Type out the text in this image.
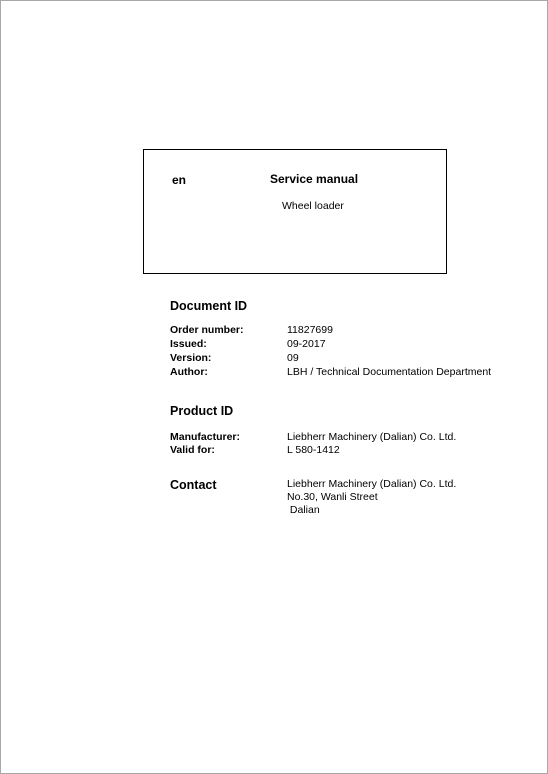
en	Service manual
Wheel loader
Document ID
Order number:	11827699
Issued:	09-2017
Version:	09
Author:	LBH / Technical Documentation Department
Product ID
Manufacturer:	Liebherr Machinery (Dalian) Co. Ltd.
Valid for:	L 580-1412
Contact	Liebherr Machinery (Dalian) Co. Ltd.
No.30, Wanli Street
Dalian
